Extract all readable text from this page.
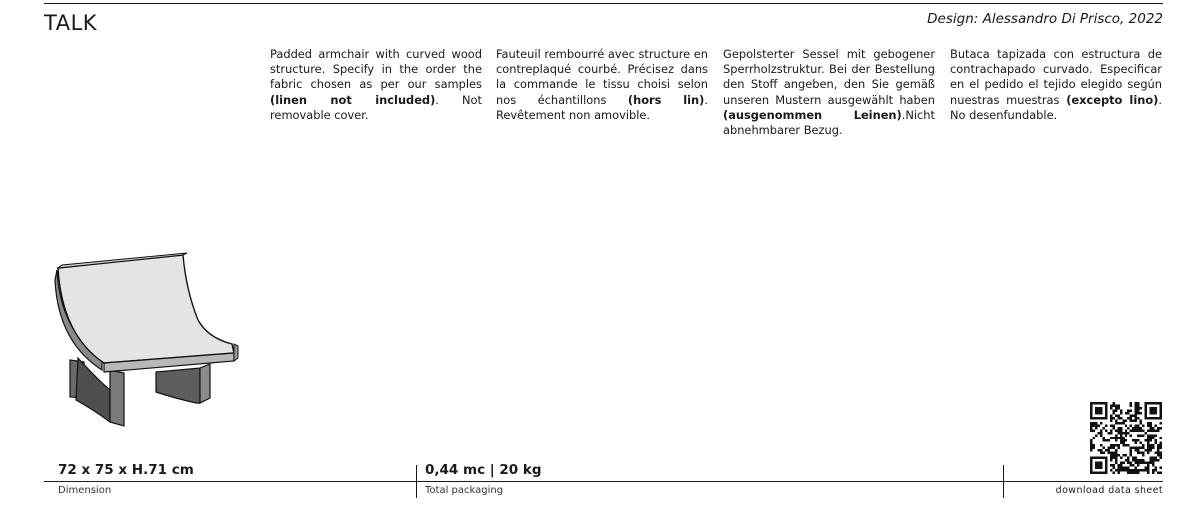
TALK	Design: Alessandro Di Prisco, 2022

Padded armchair with curved wood structure. Specify in the order the fabric chosen as per our samples (linen not included). Not removable cover.

Fauteuil rembourré avec structure en contreplaqué courbé. Précisez dans la commande le tissu choisi selon nos échantillons (hors lin). Revêtement non amovible.

Gepolsterter Sessel mit gebogener Sperrholzstruktur. Bei der Bestellung den Stoff angeben, den Sie gemäß unseren Mustern ausgewählt haben (ausgenommen Leinen).Nicht abnehmbarer Bezug.

Butaca tapizada con estructura de contrachapado curvado. Especificar en el pedido el tejido elegido según nuestras muestras (excepto lino). No desenfundable.

72 x 75 x H.71 cm	0,44 mc | 20 kg
Dimension	Total packaging	download data sheet
